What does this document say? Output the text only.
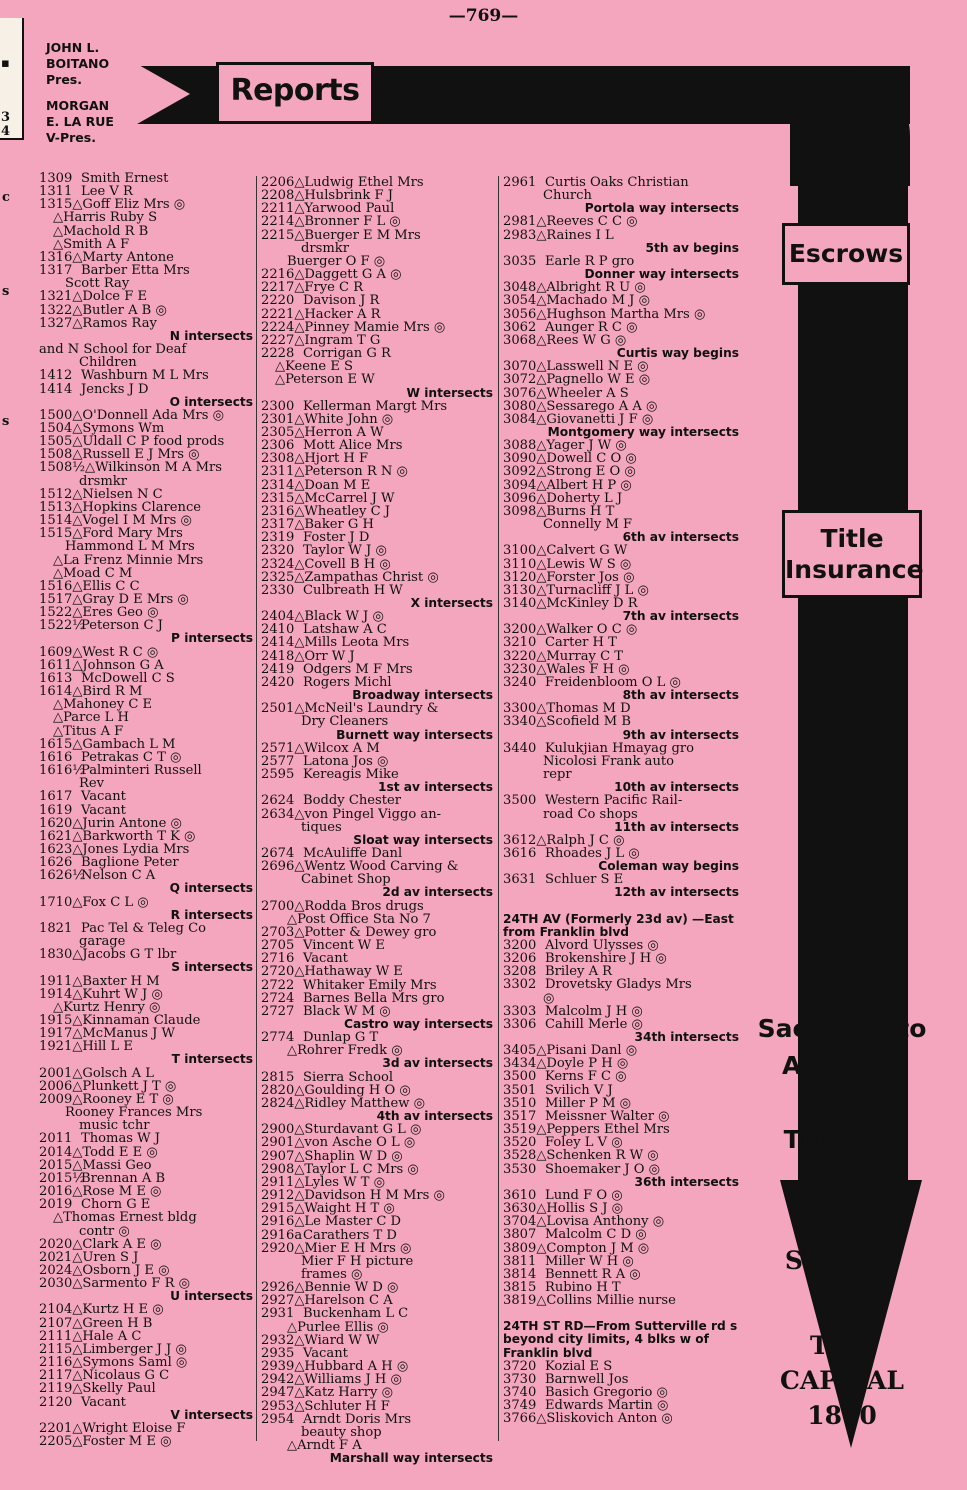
—769—
▪
3
4
c
s
s
JOHN L.
BOITANO
Pres.
MORGAN
E. LA RUE
V-Pres.
Reports
Escrows
Title
Insurance
Sacramento
Abstract
and
Title Co.
701 I
STREET
TEL.
CAPITAL
1800
1309 Smith Ernest
1311 Lee V R
1315△Goff Eliz Mrs ◎
△Harris Ruby S
△Machold R B
△Smith A F
1316△Marty Antone
1317 Barber Etta Mrs
Scott Ray
1321△Dolce F E
1322△Butler A B ◎
1327△Ramos Ray
N intersects
and N School for Deaf
Children
1412 Washburn M L Mrs
1414 Jencks J D
O intersects
1500△O'Donnell Ada Mrs ◎
1504△Symons Wm
1505△Uldall C P food prods
1508△Russell E J Mrs ◎
1508½△Wilkinson M A Mrs
drsmkr
1512△Nielsen N C
1513△Hopkins Clarence
1514△Vogel I M Mrs ◎
1515△Ford Mary Mrs
Hammond L M Mrs
△La Frenz Minnie Mrs
△Moad C M
1516△Ellis C C
1517△Gray D E Mrs ◎
1522△Eres Geo ◎
1522½Peterson C J
P intersects
1609△West R C ◎
1611△Johnson G A
1613 McDowell C S
1614△Bird R M
△Mahoney C E
△Parce L H
△Titus A F
1615△Gambach L M
1616 Petrakas C T ◎
1616½Palminteri Russell
Rev
1617 Vacant
1619 Vacant
1620△Jurin Antone ◎
1621△Barkworth T K ◎
1623△Jones Lydia Mrs
1626 Baglione Peter
1626½Nelson C A
Q intersects
1710△Fox C L ◎
R intersects
1821 Pac Tel & Teleg Co
garage
1830△Jacobs G T lbr
S intersects
1911△Baxter H M
1914△Kuhrt W J ◎
△Kurtz Henry ◎
1915△Kinnaman Claude
1917△McManus J W
1921△Hill L E
T intersects
2001△Golsch A L
2006△Plunkett J T ◎
2009△Rooney E T ◎
Rooney Frances Mrs
music tchr
2011 Thomas W J
2014△Todd E E ◎
2015△Massi Geo
2015½Brennan A B
2016△Rose M E ◎
2019 Chorn G E
△Thomas Ernest bldg
contr ◎
2020△Clark A E ◎
2021△Uren S J
2024△Osborn J E ◎
2030△Sarmento F R ◎
U intersects
2104△Kurtz H E ◎
2107△Green H B
2111△Hale A C
2115△Limberger J J ◎
2116△Symons Saml ◎
2117△Nicolaus G C
2119△Skelly Paul
2120 Vacant
V intersects
2201△Wright Eloise F
2205△Foster M E ◎
2206△Ludwig Ethel Mrs
2208△Hulsbrink F J
2211△Yarwood Paul
2214△Bronner F L ◎
2215△Buerger E M Mrs
drsmkr
Buerger O F ◎
2216△Daggett G A ◎
2217△Frye C R
2220 Davison J R
2221△Hacker A R
2224△Pinney Mamie Mrs ◎
2227△Ingram T G
2228 Corrigan G R
△Keene E S
△Peterson E W
W intersects
2300 Kellerman Margt Mrs
2301△White John ◎
2305△Herron A W
2306 Mott Alice Mrs
2308△Hjort H F
2311△Peterson R N ◎
2314△Doan M E
2315△McCarrel J W
2316△Wheatley C J
2317△Baker G H
2319 Foster J D
2320 Taylor W J ◎
2324△Covell B H ◎
2325△Zampathas Christ ◎
2330 Culbreath H W
X intersects
2404△Black W J ◎
2410 Latshaw A C
2414△Mills Leota Mrs
2418△Orr W J
2419 Odgers M F Mrs
2420 Rogers Michl
Broadway intersects
2501△McNeil's Laundry &
Dry Cleaners
Burnett way intersects
2571△Wilcox A M
2577 Latona Jos ◎
2595 Kereagis Mike
1st av intersects
2624 Boddy Chester
2634△von Pingel Viggo an-
tiques
Sloat way intersects
2674 McAuliffe Danl
2696△Wentz Wood Carving &
Cabinet Shop
2d av intersects
2700△Rodda Bros drugs
△Post Office Sta No 7
2703△Potter & Dewey gro
2705 Vincent W E
2716 Vacant
2720△Hathaway W E
2722 Whitaker Emily Mrs
2724 Barnes Bella Mrs gro
2727 Black W M ◎
Castro way intersects
2774 Dunlap G T
△Rohrer Fredk ◎
3d av intersects
2815 Sierra School
2820△Goulding H O ◎
2824△Ridley Matthew ◎
4th av intersects
2900△Sturdavant G L ◎
2901△von Asche O L ◎
2907△Shaplin W D ◎
2908△Taylor L C Mrs ◎
2911△Lyles W T ◎
2912△Davidson H M Mrs ◎
2915△Waight H T ◎
2916△Le Master C D
2916aCarathers T D
2920△Mier E H Mrs ◎
Mier F H picture
frames ◎
2926△Bennie W D ◎
2927△Harelson C A
2931 Buckenham L C
△Purlee Ellis ◎
2932△Wiard W W
2935 Vacant
2939△Hubbard A H ◎
2942△Williams J H ◎
2947△Katz Harry ◎
2953△Schluter H F
2954 Arndt Doris Mrs
beauty shop
△Arndt F A
Marshall way intersects
2961 Curtis Oaks Christian
Church
Portola way intersects
2981△Reeves C C ◎
2983△Raines I L
5th av begins
3035 Earle R P gro
Donner way intersects
3048△Albright R U ◎
3054△Machado M J ◎
3056△Hughson Martha Mrs ◎
3062 Aunger R C ◎
3068△Rees W G ◎
Curtis way begins
3070△Lasswell N E ◎
3072△Pagnello W E ◎
3076△Wheeler A S
3080△Sessarego A A ◎
3084△Giovanetti J F ◎
Montgomery way intersects
3088△Yager J W ◎
3090△Dowell C O ◎
3092△Strong E O ◎
3094△Albert H P ◎
3096△Doherty L J
3098△Burns H T
Connelly M F
6th av intersects
3100△Calvert G W
3110△Lewis W S ◎
3120△Forster Jos ◎
3130△Turnacliff J L ◎
3140△McKinley D R
7th av intersects
3200△Walker O C ◎
3210 Carter H T
3220△Murray C T
3230△Wales F H ◎
3240 Freidenbloom O L ◎
8th av intersects
3300△Thomas M D
3340△Scofield M B
9th av intersects
3440 Kulukjian Hmayag gro
Nicolosi Frank auto
repr
10th av intersects
3500 Western Pacific Rail-
road Co shops
11th av intersects
3612△Ralph J C ◎
3616 Rhoades J L ◎
Coleman way begins
3631 Schluer S E
12th av intersects
24TH AV (Formerly 23d av) —East from Franklin blvd
3200 Alvord Ulysses ◎
3206 Brokenshire J H ◎
3208 Briley A R
3302 Drovetsky Gladys Mrs
◎
3303 Malcolm J H ◎
3306 Cahill Merle ◎
34th intersects
3405△Pisani Danl ◎
3434△Doyle P H ◎
3500 Kerns F C ◎
3501 Svilich V J
3510 Miller P M ◎
3517 Meissner Walter ◎
3519△Peppers Ethel Mrs
3520 Foley L V ◎
3528△Schenken R W ◎
3530 Shoemaker J O ◎
36th intersects
3610 Lund F O ◎
3630△Hollis S J ◎
3704△Lovisa Anthony ◎
3807 Malcolm C D ◎
3809△Compton J M ◎
3811 Miller W H ◎
3814 Bennett R A ◎
3815 Rubino H T
3819△Collins Millie nurse
24TH ST RD—From Sutterville rd s beyond city limits, 4 blks w of Franklin blvd
3720 Kozial E S
3730 Barnwell Jos
3740 Basich Gregorio ◎
3749 Edwards Martin ◎
3766△Sliskovich Anton ◎
